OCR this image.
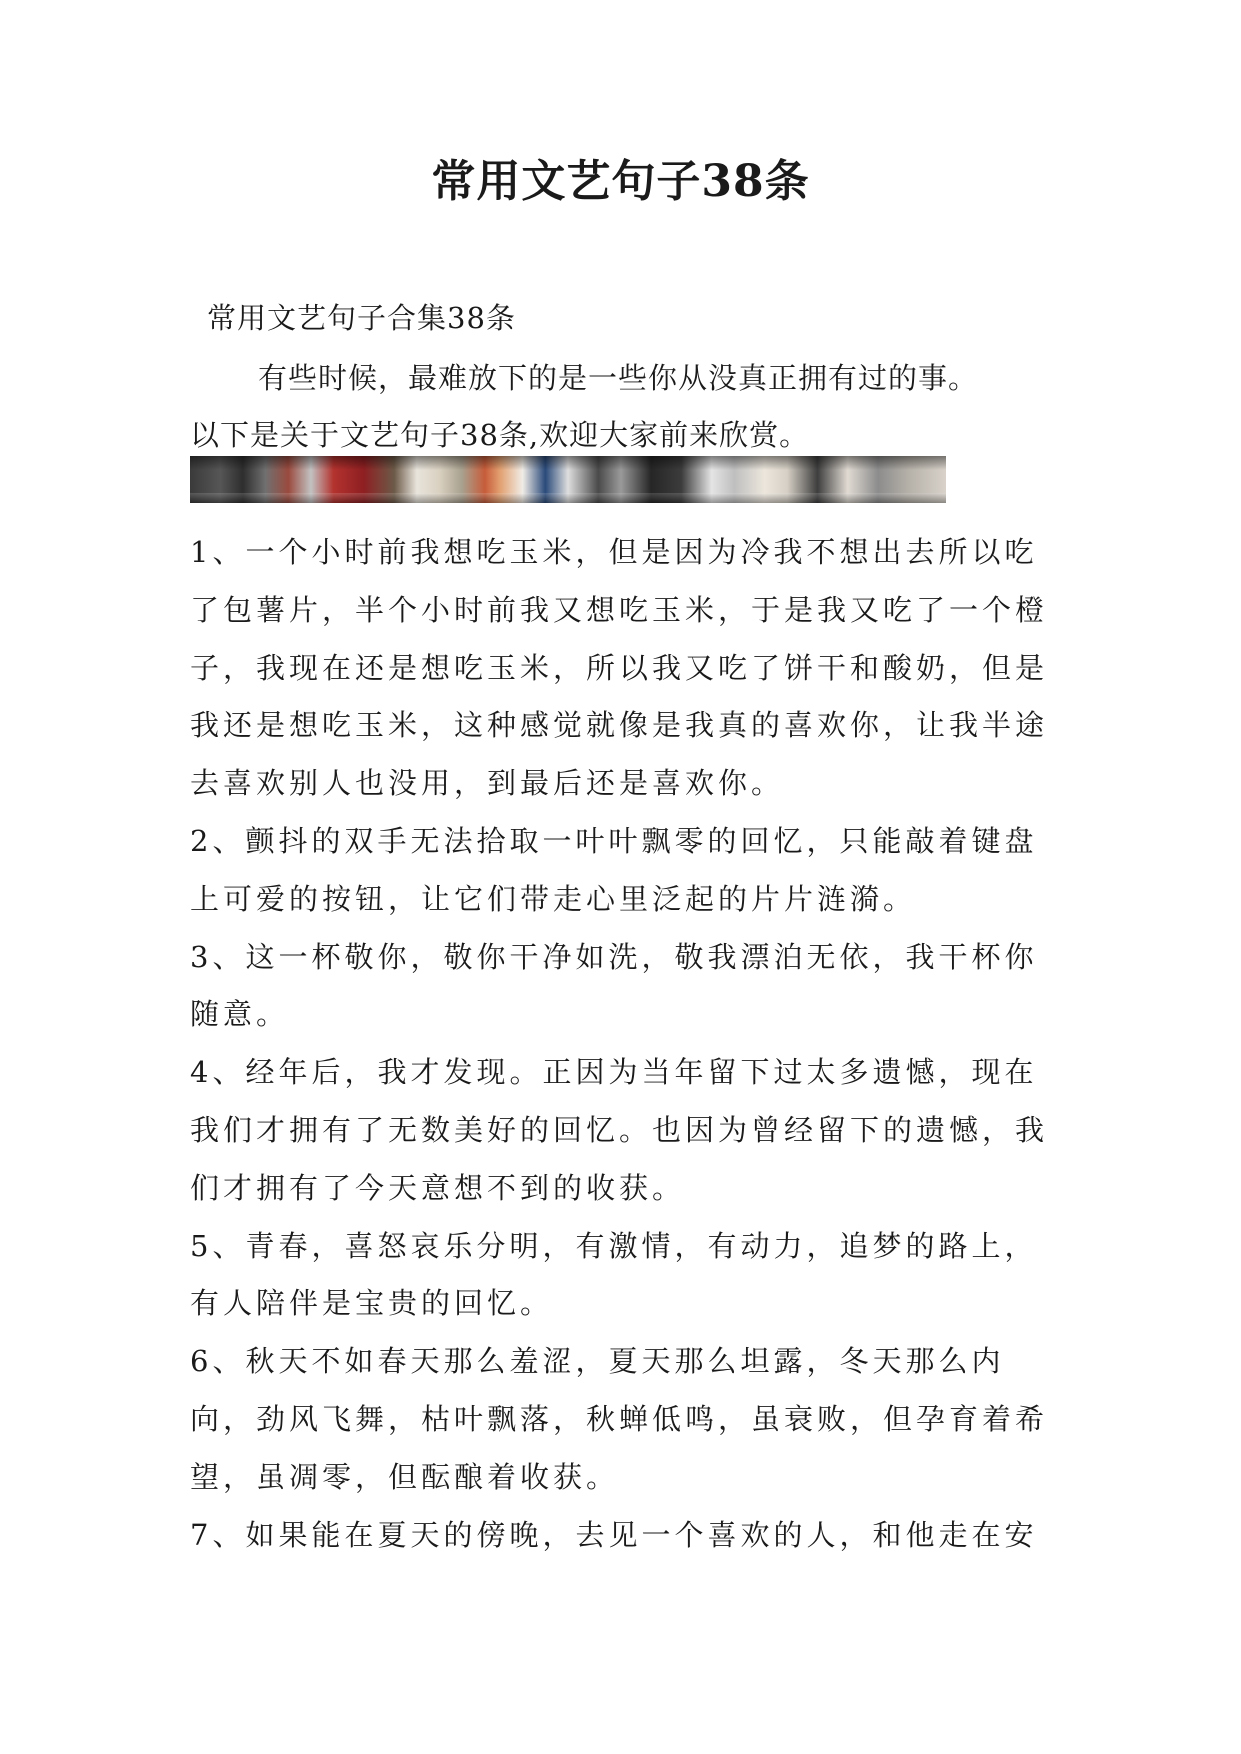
常用文艺句子38条
常用文艺句子合集38条
有些时候，最难放下的是一些你从没真正拥有过的事。
以下是关于文艺句子38条,欢迎大家前来欣赏。

1、一个小时前我想吃玉米，但是因为冷我不想出去所以吃了包薯片，半个小时前我又想吃玉米，于是我又吃了一个橙子，我现在还是想吃玉米，所以我又吃了饼干和酸奶，但是我还是想吃玉米，这种感觉就像是我真的喜欢你，让我半途去喜欢别人也没用，到最后还是喜欢你。

2、颤抖的双手无法拾取一叶叶飘零的回忆，只能敲着键盘上可爱的按钮，让它们带走心里泛起的片片涟漪。

3、这一杯敬你，敬你干净如洗，敬我漂泊无依，我干杯你随意。

4、经年后，我才发现。正因为当年留下过太多遗憾，现在我们才拥有了无数美好的回忆。也因为曾经留下的遗憾，我们才拥有了今天意想不到的收获。

5、青春，喜怒哀乐分明，有激情，有动力，追梦的路上，有人陪伴是宝贵的回忆。

6、秋天不如春天那么羞涩，夏天那么坦露，冬天那么内向，劲风飞舞，枯叶飘落，秋蝉低鸣，虽衰败，但孕育着希望，虽凋零，但酝酿着收获。

7、如果能在夏天的傍晚，去见一个喜欢的人，和他走在安
